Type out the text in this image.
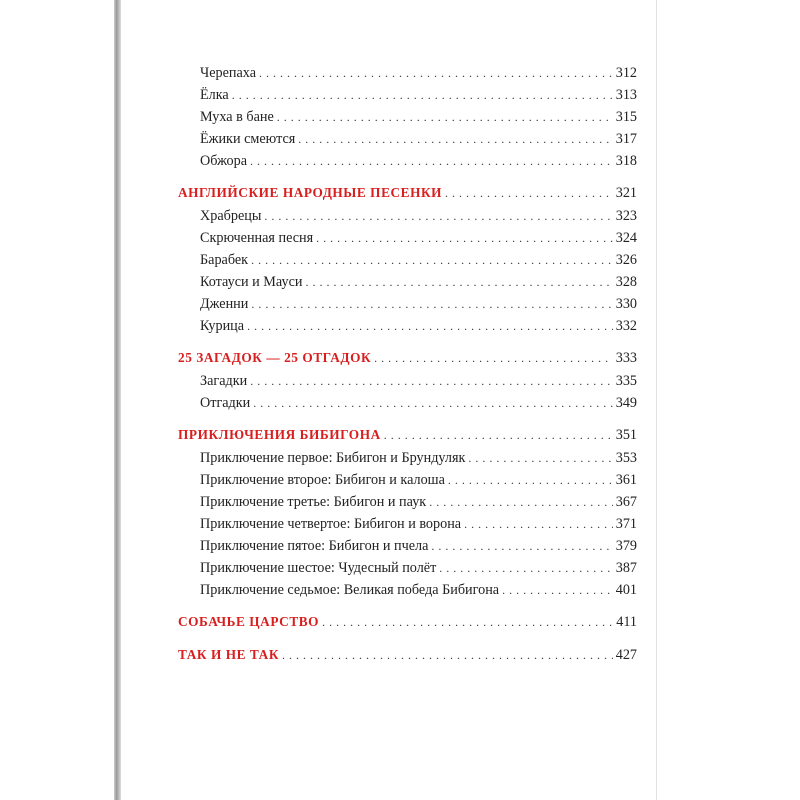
Черепаха . . .	312
Ёлка . . .	313
Муха в бане . . .	315
Ёжики смеются . . .	317
Обжора . . .	318
АНГЛИЙСКИЕ НАРОДНЫЕ ПЕСЕНКИ . . .	321
Храбрецы . . .	323
Скрюченная песня . . .	324
Барабек . . .	326
Котауси и Мауси . . .	328
Дженни . . .	330
Курица . . .	332
25 ЗАГАДОК — 25 ОТГАДОК . . .	333
Загадки . . .	335
Отгадки . . .	349
ПРИКЛЮЧЕНИЯ БИБИГОНА . . .	351
Приключение первое: Бибигон и Брундуляк . . .	353
Приключение второе: Бибигон и калоша . . .	361
Приключение третье: Бибигон и паук . . .	367
Приключение четвертое: Бибигон и ворона . . .	371
Приключение пятое: Бибигон и пчела . . .	379
Приключение шестое: Чудесный полёт . . .	387
Приключение седьмое: Великая победа Бибигона . . .	401
СОБАЧЬЕ ЦАРСТВО . . .	411
ТАК И НЕ ТАК . . .	427
